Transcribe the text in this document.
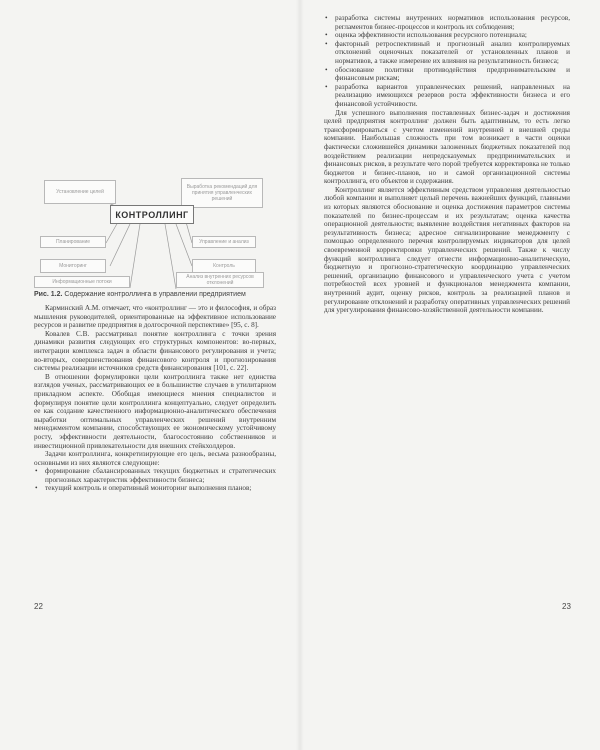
Установление целей
Выработка рекомендаций для принятия управленческих решений
КОНТРОЛЛИНГ
Планирование	Управление и анализ
Мониторинг	Контроль
Информационные потоки
Анализ внутренних ресурсов отклонений
Рис. 1.2. Содержание контроллинга в управлении предприятием

Карминский А.М. отмечает, что «контроллинг — это и философия, и образ мышления руководителей, ориентированные на эффективное использование ресурсов и развитие предприятия в долгосрочной перспективе» [95, с. 8].

Ковалев С.В. рассматривал понятие контроллинга с точки зрения динамики развития следующих его структурных компонентов: во-первых, интеграции комплекса задач в области финансового регулирования и учета; во-вторых, совершенствования финансового контроля и прогнозирования системы реализации источников средств финансирования [101, с. 22].

В отношении формулировки цели контроллинга также нет единства взглядов ученых, рассматривающих ее в большинстве случаев в утилитарном прикладном аспекте. Обобщая имеющиеся мнения специалистов и формулируя понятие цели контроллинга концептуально, следует определить ее как создание качественного информационно-аналитического обеспечения выработки оптимальных управленческих решений внутренним менеджментом компании, способствующих ее экономическому устойчивому росту, эффективности деятельности, благосостоянию собственников и инвестиционной привлекательности для внешних стейкхолдеров.

Задачи контроллинга, конкретизирующие его цель, весьма разнообразны, основными из них являются следующие:

• формирование сбалансированных текущих бюджетных и стратегических прогнозных характеристик эффективности бизнеса;
• текущий контроль и оперативный мониторинг выполнения планов;
22
• разработка системы внутренних нормативов использования ресурсов, регламентов бизнес-процессов и контроль их соблюдения;
• оценка эффективности использования ресурсного потенциала;
• факторный ретроспективный и прогнозный анализ контролируемых отклонений оценочных показателей от установленных планов и нормативов, а также измерение их влияния на результативность бизнеса;
• обоснование политики противодействия предпринимательским и финансовым рискам;
• разработка вариантов управленческих решений, направленных на реализацию имеющихся резервов роста эффективности бизнеса и его финансовой устойчивости.

Для успешного выполнения поставленных бизнес-задач и достижения целей предприятия контроллинг должен быть адаптивным, то есть легко трансформироваться с учетом изменений внутренней и внешней среды компании. Наибольшая сложность при том возникает в части оценки фактически сложившейся динамики заложенных бюджетных показателей под воздействием реализации непредсказуемых предпринимательских и финансовых рисков, в результате чего порой требуется корректировка не только бюджетов и бизнес-планов, но и самой организационной системы контроллинга, его объектов и содержания.

Контроллинг является эффективным средством управления деятельностью любой компании и выполняет целый перечень важнейших функций, главными из которых являются обоснование и оценка достижения параметров системы показателей по бизнес-процессам и их результатам; оценка качества операционной деятельности; выявление воздействия негативных факторов на результативность бизнеса; адресное сигнализирование менеджменту с помощью определенного перечня контролируемых индикаторов для целей своевременной корректировки управленческих решений. Также к числу функций контроллинга следует отнести информационно-аналитическую, бюджетную и прогнозно-стратегическую координацию управленческих решений, организацию финансового и управленческого учета с учетом потребностей всех уровней и функционалов менеджмента компании, внутренний аудит, оценку рисков, контроль за реализацией планов и регулирование отклонений и разработку оперативных управленческих решений для урегулирования финансово-хозяйственной деятельности компании.

23
